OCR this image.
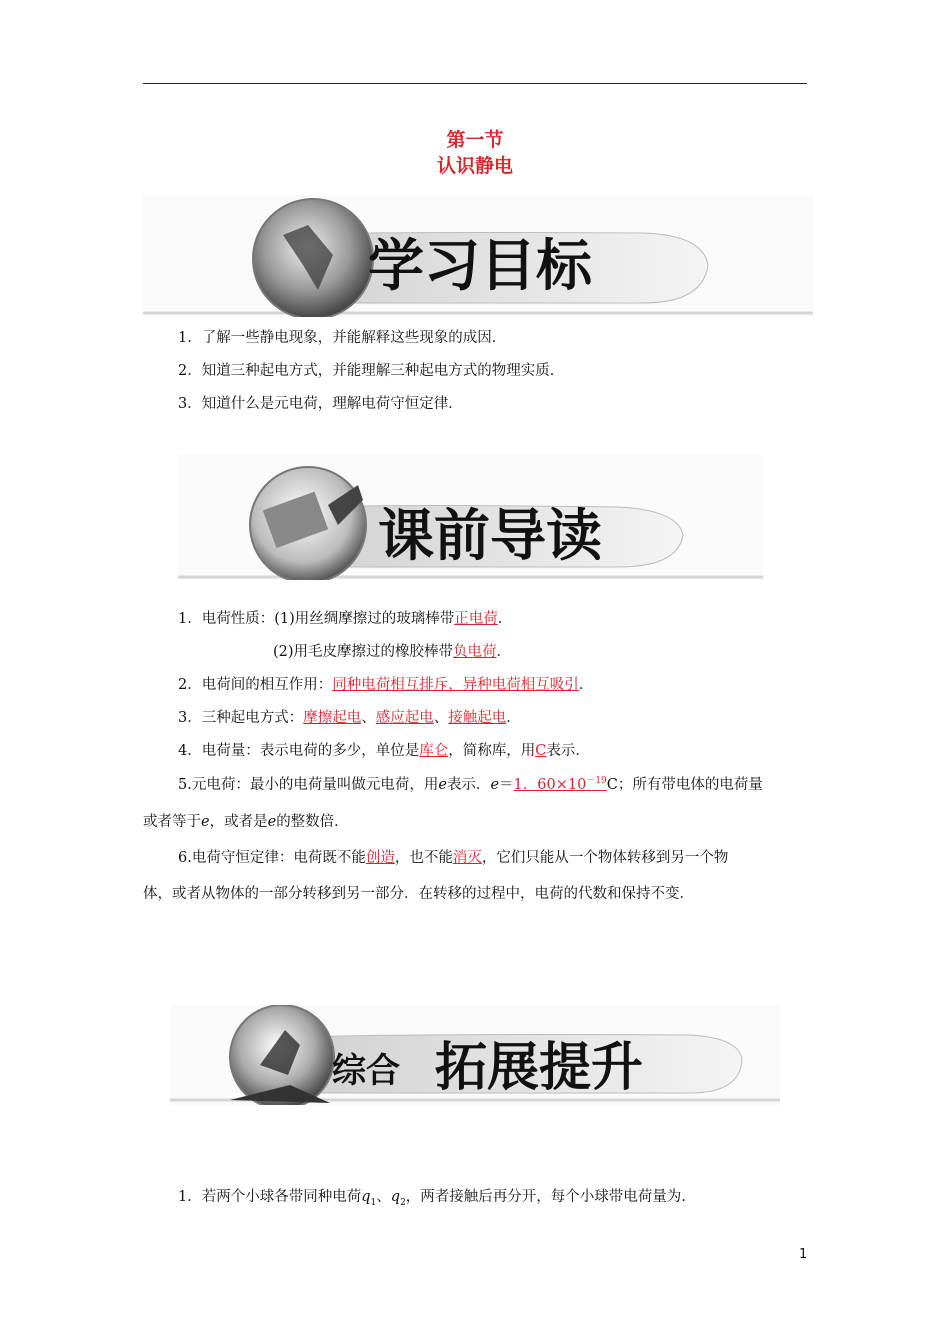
第一节
认识静电
学习目标
1．了解一些静电现象，并能解释这些现象的成因．
2．知道三种起电方式，并能理解三种起电方式的物理实质．
3．知道什么是元电荷，理解电荷守恒定律．
课前导读
1．电荷性质：(1)用丝绸摩擦过的玻璃棒带正电荷．
(2)用毛皮摩擦过的橡胶棒带负电荷．
2．电荷间的相互作用：同种电荷相互排斥，异种电荷相互吸引．
3．三种起电方式：摩擦起电、感应起电、接触起电．
4．电荷量：表示电荷的多少，单位是库仑，简称库，用C表示．
5.元电荷：最小的电荷量叫做元电荷，用e表示．e＝1．$60\times 10^{-19}C$；所有带电体的电荷量
或者等于e，或者是e的整数倍．
6.电荷守恒定律：电荷既不能创造，也不能消灭，它们只能从一个物体转移到另一个物
体，或者从物体的一部分转移到另一部分．在转移的过程中，电荷的代数和保持不变．
综合 拓展提升
1．若两个小球各带同种电荷$q_1$、$q_2$，两者接触后再分开，每个小球带电荷量为.
1
